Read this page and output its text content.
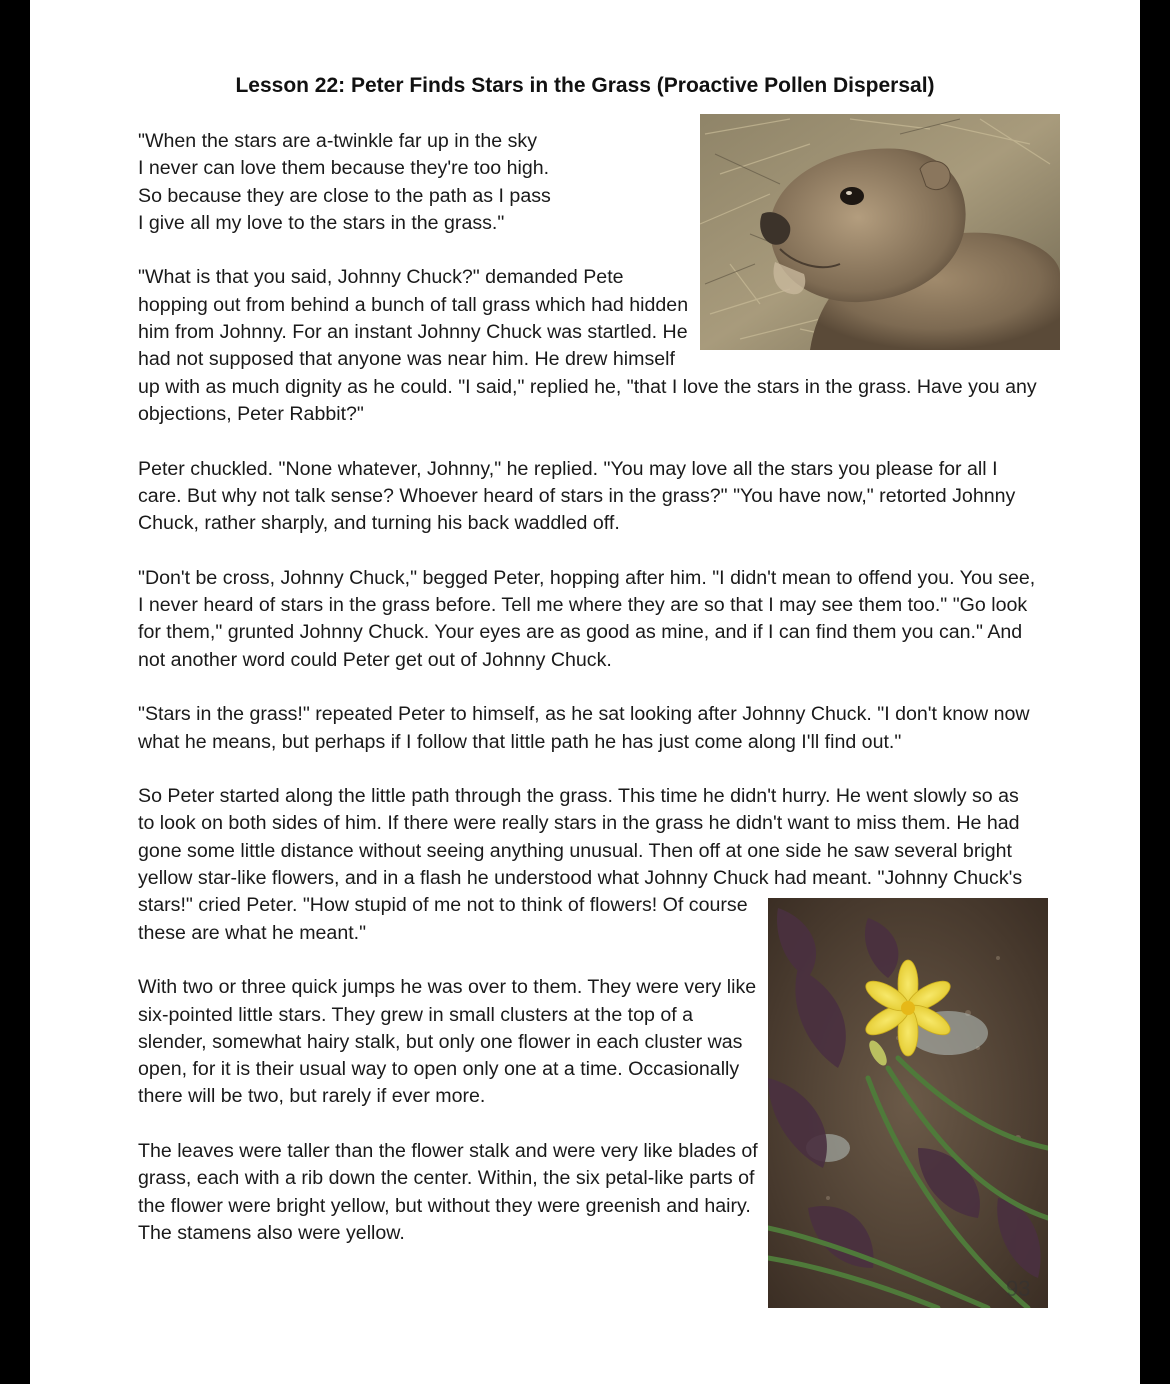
Lesson 22: Peter Finds Stars in the Grass (Proactive Pollen Dispersal)

"When the stars are a-twinkle far up in the sky
I never can love them because they're too high.
So because they are close to the path as I pass
I give all my love to the stars in the grass."

"What is that you said, Johnny Chuck?" demanded Pete hopping out from behind a bunch of tall grass which had hidden him from Johnny. For an instant Johnny Chuck was startled. He had not supposed that anyone was near him. He drew himself up with as much dignity as he could. "I said," replied he, "that I love the stars in the grass. Have you any objections, Peter Rabbit?"

Peter chuckled. "None whatever, Johnny," he replied. "You may love all the stars you please for all I care. But why not talk sense? Whoever heard of stars in the grass?" "You have now," retorted Johnny Chuck, rather sharply, and turning his back waddled off.

"Don't be cross, Johnny Chuck," begged Peter, hopping after him. "I didn't mean to offend you. You see, I never heard of stars in the grass before. Tell me where they are so that I may see them too." "Go look for them," grunted Johnny Chuck. Your eyes are as good as mine, and if I can find them you can." And not another word could Peter get out of Johnny Chuck.

"Stars in the grass!" repeated Peter to himself, as he sat looking after Johnny Chuck. "I don't know now what he means, but perhaps if I follow that little path he has just come along I'll find out."

So Peter started along the little path through the grass. This time he didn't hurry. He went slowly so as to look on both sides of him. If there were really stars in the grass he didn't want to miss them. He had gone some little distance without seeing anything unusual. Then off at one side he saw several bright yellow star-like flowers, and in a flash he understood what Johnny Chuck had meant. "Johnny Chuck's stars!" cried Peter. "How stupid of me not to think of flowers! Of course these are what he meant."

With two or three quick jumps he was over to them. They were very like six-pointed little stars. They grew in small clusters at the top of a slender, somewhat hairy stalk, but only one flower in each cluster was open, for it is their usual way to open only one at a time. Occasionally there will be two, but rarely if ever more.

The leaves were taller than the flower stalk and were very like blades of grass, each with a rib down the center. Within, the six petal-like parts of the flower were bright yellow, but without they were greenish and hairy. The stamens also were yellow.

93
